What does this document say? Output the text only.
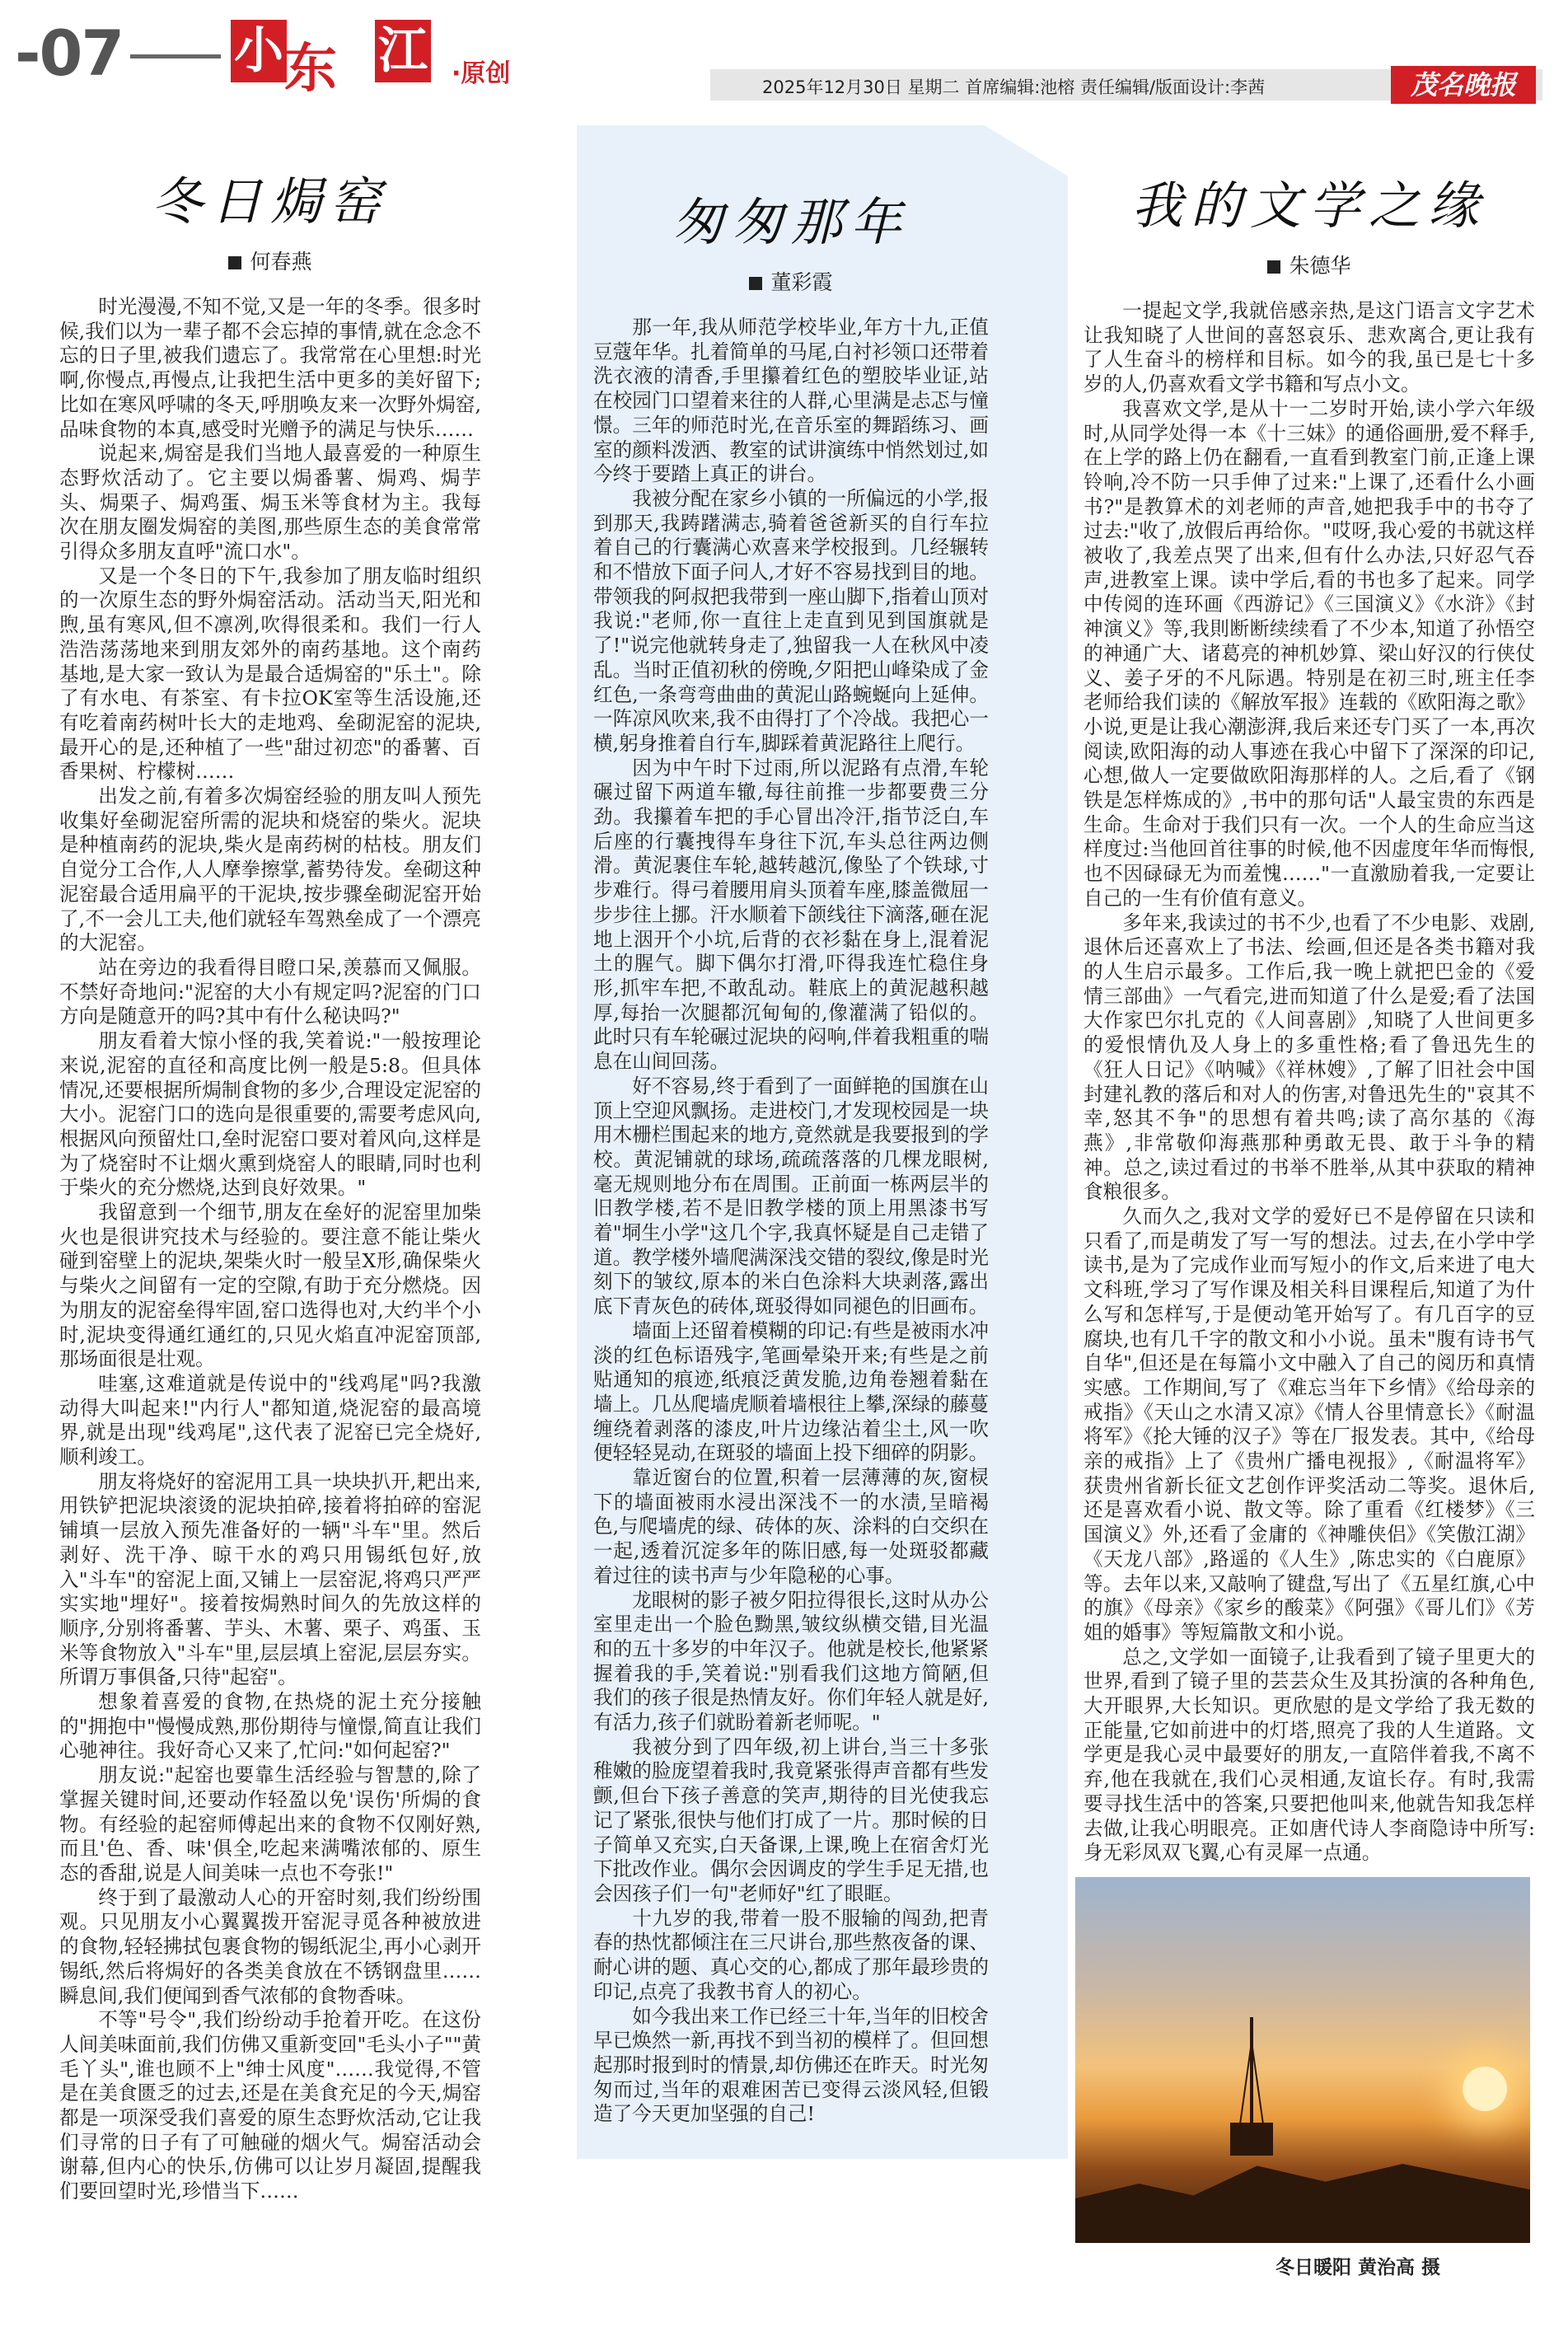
-07 小 东 江 ·原创	2025年12月30日 星期二 首席编辑:池榕 责任编辑/版面设计:李茜	茂名晚报
冬日焗窑
何春燕

时光漫漫,不知不觉,又是一年的冬季。很多时候,我们以为一辈子都不会忘掉的事情,就在念念不忘的日子里,被我们遗忘了。我常常在心里想:时光啊,你慢点,再慢点,让我把生活中更多的美好留下;比如在寒风呼啸的冬天,呼朋唤友来一次野外焗窑,品味食物的本真,感受时光赠予的满足与快乐……

说起来,焗窑是我们当地人最喜爱的一种原生态野炊活动了。它主要以焗番薯、焗鸡、焗芋头、焗栗子、焗鸡蛋、焗玉米等食材为主。我每次在朋友圈发焗窑的美图,那些原生态的美食常常引得众多朋友直呼"流口水"。

又是一个冬日的下午,我参加了朋友临时组织的一次原生态的野外焗窑活动。活动当天,阳光和煦,虽有寒风,但不凛冽,吹得很柔和。我们一行人浩浩荡荡地来到朋友郊外的南药基地。这个南药基地,是大家一致认为是最合适焗窑的"乐土"。除了有水电、有茶室、有卡拉OK室等生活设施,还有吃着南药树叶长大的走地鸡、垒砌泥窑的泥块,最开心的是,还种植了一些"甜过初恋"的番薯、百香果树、柠檬树……

出发之前,有着多次焗窑经验的朋友叫人预先收集好垒砌泥窑所需的泥块和烧窑的柴火。泥块是种植南药的泥块,柴火是南药树的枯枝。朋友们自觉分工合作,人人摩拳擦掌,蓄势待发。垒砌这种泥窑最合适用扁平的干泥块,按步骤垒砌泥窑开始了,不一会儿工夫,他们就轻车驾熟垒成了一个漂亮的大泥窑。

站在旁边的我看得目瞪口呆,羡慕而又佩服。不禁好奇地问:"泥窑的大小有规定吗?泥窑的门口方向是随意开的吗?其中有什么秘诀吗?"

朋友看着大惊小怪的我,笑着说:"一般按理论来说,泥窑的直径和高度比例一般是5:8。但具体情况,还要根据所焗制食物的多少,合理设定泥窑的大小。泥窑门口的选向是很重要的,需要考虑风向,根据风向预留灶口,垒时泥窑口要对着风向,这样是为了烧窑时不让烟火熏到烧窑人的眼睛,同时也利于柴火的充分燃烧,达到良好效果。"

我留意到一个细节,朋友在垒好的泥窑里加柴火也是很讲究技术与经验的。要注意不能让柴火碰到窑壁上的泥块,架柴火时一般呈X形,确保柴火与柴火之间留有一定的空隙,有助于充分燃烧。因为朋友的泥窑垒得牢固,窑口选得也对,大约半个小时,泥块变得通红通红的,只见火焰直冲泥窑顶部,那场面很是壮观。

哇塞,这难道就是传说中的"线鸡尾"吗?我激动得大叫起来!"内行人"都知道,烧泥窑的最高境界,就是出现"线鸡尾",这代表了泥窑已完全烧好,顺利竣工。

朋友将烧好的窑泥用工具一块块扒开,耙出来,用铁铲把泥块滚烫的泥块拍碎,接着将拍碎的窑泥铺填一层放入预先准备好的一辆"斗车"里。然后剥好、洗干净、晾干水的鸡只用锡纸包好,放入"斗车"的窑泥上面,又铺上一层窑泥,将鸡只严严实实地"埋好"。接着按焗熟时间久的先放这样的顺序,分别将番薯、芋头、木薯、栗子、鸡蛋、玉米等食物放入"斗车"里,层层填上窑泥,层层夯实。所谓万事俱备,只待"起窑"。

想象着喜爱的食物,在热烧的泥土充分接触的"拥抱中"慢慢成熟,那份期待与憧憬,简直让我们心驰神往。我好奇心又来了,忙问:"如何起窑?"

朋友说:"起窑也要靠生活经验与智慧的,除了掌握关键时间,还要动作轻盈以免'误伤'所焗的食物。有经验的起窑师傅起出来的食物不仅刚好熟,而且'色、香、味'俱全,吃起来满嘴浓郁的、原生态的香甜,说是人间美味一点也不夸张!"

终于到了最激动人心的开窑时刻,我们纷纷围观。只见朋友小心翼翼拨开窑泥寻觅各种被放进的食物,轻轻拂拭包裹食物的锡纸泥尘,再小心剥开锡纸,然后将焗好的各类美食放在不锈钢盘里……瞬息间,我们便闻到香气浓郁的食物香味。

不等"号令",我们纷纷动手抢着开吃。在这份人间美味面前,我们仿佛又重新变回"毛头小子""黄毛丫头",谁也顾不上"绅士风度"……我觉得,不管是在美食匮乏的过去,还是在美食充足的今天,焗窑都是一项深受我们喜爱的原生态野炊活动,它让我们寻常的日子有了可触碰的烟火气。焗窑活动会谢幕,但内心的快乐,仿佛可以让岁月凝固,提醒我们要回望时光,珍惜当下……

匆匆那年
董彩霞

那一年,我从师范学校毕业,年方十九,正值豆蔻年华。扎着简单的马尾,白衬衫领口还带着洗衣液的清香,手里攥着红色的塑胶毕业证,站在校园门口望着来往的人群,心里满是忐忑与憧憬。三年的师范时光,在音乐室的舞蹈练习、画室的颜料泼洒、教室的试讲演练中悄然划过,如今终于要踏上真正的讲台。

我被分配在家乡小镇的一所偏远的小学,报到那天,我踌躇满志,骑着爸爸新买的自行车拉着自己的行囊满心欢喜来学校报到。几经辗转和不惜放下面子问人,才好不容易找到目的地。带领我的阿叔把我带到一座山脚下,指着山顶对我说:"老师,你一直往上走直到见到国旗就是了!"说完他就转身走了,独留我一人在秋风中凌乱。当时正值初秋的傍晚,夕阳把山峰染成了金红色,一条弯弯曲曲的黄泥山路蜿蜒向上延伸。一阵凉风吹来,我不由得打了个冷战。我把心一横,躬身推着自行车,脚踩着黄泥路往上爬行。

因为中午时下过雨,所以泥路有点滑,车轮碾过留下两道车辙,每往前推一步都要费三分劲。我攥着车把的手心冒出冷汗,指节泛白,车后座的行囊拽得车身往下沉,车头总往两边侧滑。黄泥裹住车轮,越转越沉,像坠了个铁球,寸步难行。得弓着腰用肩头顶着车座,膝盖微屈一步步往上挪。汗水顺着下颌线往下滴落,砸在泥地上洇开个小坑,后背的衣衫黏在身上,混着泥土的腥气。脚下偶尔打滑,吓得我连忙稳住身形,抓牢车把,不敢乱动。鞋底上的黄泥越积越厚,每抬一次腿都沉甸甸的,像灌满了铅似的。此时只有车轮碾过泥块的闷响,伴着我粗重的喘息在山间回荡。

好不容易,终于看到了一面鲜艳的国旗在山顶上空迎风飘扬。走进校门,才发现校园是一块用木栅栏围起来的地方,竟然就是我要报到的学校。黄泥铺就的球场,疏疏落落的几棵龙眼树,毫无规则地分布在周围。正前面一栋两层半的旧教学楼,若不是旧教学楼的顶上用黑漆书写着"垌生小学"这几个字,我真怀疑是自己走错了道。教学楼外墙爬满深浅交错的裂纹,像是时光刻下的皱纹,原本的米白色涂料大块剥落,露出底下青灰色的砖体,斑驳得如同褪色的旧画布。

墙面上还留着模糊的印记:有些是被雨水冲淡的红色标语残字,笔画晕染开来;有些是之前贴通知的痕迹,纸痕泛黄发脆,边角卷翘着黏在墙上。几丛爬墙虎顺着墙根往上攀,深绿的藤蔓缠绕着剥落的漆皮,叶片边缘沾着尘土,风一吹便轻轻晃动,在斑驳的墙面上投下细碎的阴影。

靠近窗台的位置,积着一层薄薄的灰,窗棂下的墙面被雨水浸出深浅不一的水渍,呈暗褐色,与爬墙虎的绿、砖体的灰、涂料的白交织在一起,透着沉淀多年的陈旧感,每一处斑驳都藏着过往的读书声与少年隐秘的心事。

龙眼树的影子被夕阳拉得很长,这时从办公室里走出一个脸色黝黑,皱纹纵横交错,目光温和的五十多岁的中年汉子。他就是校长,他紧紧握着我的手,笑着说:"别看我们这地方简陋,但我们的孩子很是热情友好。你们年轻人就是好,有活力,孩子们就盼着新老师呢。"

我被分到了四年级,初上讲台,当三十多张稚嫩的脸庞望着我时,我竟紧张得声音都有些发颤,但台下孩子善意的笑声,期待的目光使我忘记了紧张,很快与他们打成了一片。那时候的日子简单又充实,白天备课,上课,晚上在宿舍灯光下批改作业。偶尔会因调皮的学生手足无措,也会因孩子们一句"老师好"红了眼眶。

十九岁的我,带着一股不服输的闯劲,把青春的热忱都倾注在三尺讲台,那些熬夜备的课、耐心讲的题、真心交的心,都成了那年最珍贵的印记,点亮了我教书育人的初心。

如今我出来工作已经三十年,当年的旧校舍早已焕然一新,再找不到当初的模样了。但回想起那时报到时的情景,却仿佛还在昨天。时光匆匆而过,当年的艰难困苦已变得云淡风轻,但锻造了今天更加坚强的自己!

我的文学之缘
朱德华

一提起文学,我就倍感亲热,是这门语言文字艺术让我知晓了人世间的喜怒哀乐、悲欢离合,更让我有了人生奋斗的榜样和目标。如今的我,虽已是七十多岁的人,仍喜欢看文学书籍和写点小文。

我喜欢文学,是从十一二岁时开始,读小学六年级时,从同学处得一本《十三妹》的通俗画册,爱不释手,在上学的路上仍在翻看,一直看到教室门前,正逢上课铃响,冷不防一只手伸了过来:"上课了,还看什么小画书?"是教算术的刘老师的声音,她把我手中的书夺了过去:"收了,放假后再给你。"哎呀,我心爱的书就这样被收了,我差点哭了出来,但有什么办法,只好忍气吞声,进教室上课。读中学后,看的书也多了起来。同学中传阅的连环画《西游记》《三国演义》《水浒》《封神演义》等,我則断断续续看了不少本,知道了孙悟空的神通广大、诸葛亮的神机妙算、梁山好汉的行侠仗义、姜子牙的不凡际遇。特别是在初三时,班主任李老师给我们读的《解放军报》连载的《欧阳海之歌》小说,更是让我心潮澎湃,我后来还专门买了一本,再次阅读,欧阳海的动人事迹在我心中留下了深深的印记,心想,做人一定要做欧阳海那样的人。之后,看了《钢铁是怎样炼成的》,书中的那句话"人最宝贵的东西是生命。生命对于我们只有一次。一个人的生命应当这样度过:当他回首往事的时候,他不因虚度年华而悔恨,也不因碌碌无为而羞愧……"一直激励着我,一定要让自己的一生有价值有意义。

多年来,我读过的书不少,也看了不少电影、戏剧,退休后还喜欢上了书法、绘画,但还是各类书籍对我的人生启示最多。工作后,我一晚上就把巴金的《爱情三部曲》一气看完,进而知道了什么是爱;看了法国大作家巴尔扎克的《人间喜剧》,知晓了人世间更多的爱恨情仇及人身上的多重性格;看了鲁迅先生的《狂人日记》《呐喊》《祥林嫂》,了解了旧社会中国封建礼教的落后和对人的伤害,对鲁迅先生的"哀其不幸,怒其不争"的思想有着共鸣;读了高尔基的《海燕》,非常敬仰海燕那种勇敢无畏、敢于斗争的精神。总之,读过看过的书举不胜举,从其中获取的精神食粮很多。

久而久之,我对文学的爱好已不是停留在只读和只看了,而是萌发了写一写的想法。过去,在小学中学读书,是为了完成作业而写短小的作文,后来进了电大文科班,学习了写作课及相关科目课程后,知道了为什么写和怎样写,于是便动笔开始写了。有几百字的豆腐块,也有几千字的散文和小小说。虽未"腹有诗书气自华",但还是在每篇小文中融入了自己的阅历和真情实感。工作期间,写了《难忘当年下乡情》《给母亲的戒指》《天山之水清又凉》《情人谷里情意长》《耐温将军》《抡大锤的汉子》等在厂报发表。其中,《给母亲的戒指》上了《贵州广播电视报》,《耐温将军》获贵州省新长征文艺创作评奖活动二等奖。退休后,还是喜欢看小说、散文等。除了重看《红楼梦》《三国演义》外,还看了金庸的《神雕侠侣》《笑傲江湖》《天龙八部》,路遥的《人生》,陈忠实的《白鹿原》等。去年以来,又敲响了键盘,写出了《五星红旗,心中的旗》《母亲》《家乡的酸菜》《阿强》《哥儿们》《芳姐的婚事》等短篇散文和小说。

总之,文学如一面镜子,让我看到了镜子里更大的世界,看到了镜子里的芸芸众生及其扮演的各种角色,大开眼界,大长知识。更欣慰的是文学给了我无数的正能量,它如前进中的灯塔,照亮了我的人生道路。文学更是我心灵中最要好的朋友,一直陪伴着我,不离不弃,他在我就在,我们心灵相通,友谊长存。有时,我需要寻找生活中的答案,只要把他叫来,他就告知我怎样去做,让我心明眼亮。正如唐代诗人李商隐诗中所写:身无彩凤双飞翼,心有灵犀一点通。

冬日暖阳 黄治高 摄
